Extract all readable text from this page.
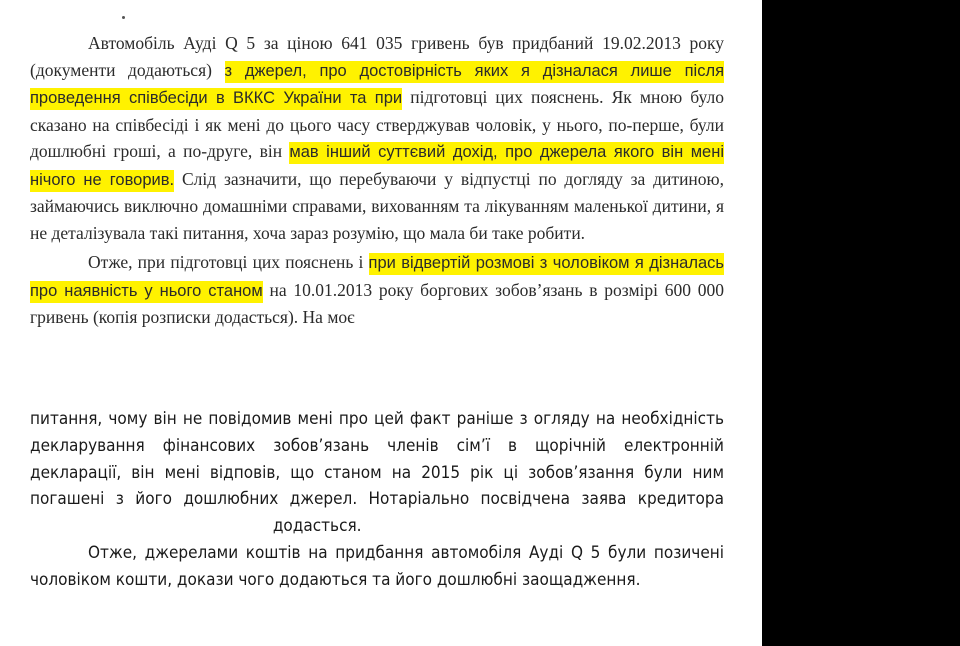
Автомобіль Ауді Q 5 за ціною 641 035 гривень був придбаний 19.02.2013 року (документи додаються) з джерел, про достовірність яких я дізналася лише після проведення співбесіди в ВККС України та при підготовці цих пояснень. Як мною було сказано на співбесіді і як мені до цього часу стверджував чоловік, у нього, по-перше, були дошлюбні гроші, а по-друге, він мав інший суттєвий дохід, про джерела якого він мені нічого не говорив. Слід зазначити, що перебуваючи у відпустці по догляду за дитиною, займаючись виключно домашніми справами, вихованням та лікуванням маленької дитини, я не деталізувала такі питання, хоча зараз розумію, що мала би таке робити.

Отже, при підготовці цих пояснень і при відвертій розмові з чоловіком я дізналась про наявність у нього станом на 10.01.2013 року боргових зобов’язань в розмірі 600 000 гривень (копія розписки додасться). На моє

питання, чому він не повідомив мені про цей факт раніше з огляду на необхідність декларування фінансових зобов’язань членів сім’ї в щорічній електронній декларації, він мені відповів, що станом на 2015 рік ці зобов’язання були ним погашені з його дошлюбних джерел. Нотаріально посвідчена заява кредитора  додасться.

Отже, джерелами коштів на придбання автомобіля Ауді Q 5 були позичені чоловіком кошти, докази чого додаються та його дошлюбні заощадження.
